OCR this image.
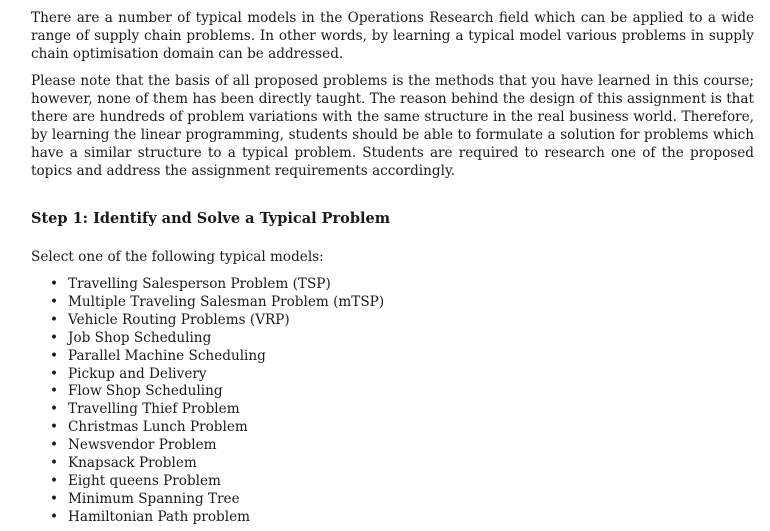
There are a number of typical models in the Operations Research field which can be applied to a wide range of supply chain problems. In other words, by learning a typical model various problems in supply chain optimisation domain can be addressed.

Please note that the basis of all proposed problems is the methods that you have learned in this course; however, none of them has been directly taught. The reason behind the design of this assignment is that there are hundreds of problem variations with the same structure in the real business world. Therefore, by learning the linear programming, students should be able to formulate a solution for problems which have a similar structure to a typical problem. Students are required to research one of the proposed topics and address the assignment requirements accordingly.

Step 1: Identify and Solve a Typical Problem

Select one of the following typical models:

• Travelling Salesperson Problem (TSP)
• Multiple Traveling Salesman Problem (mTSP)
• Vehicle Routing Problems (VRP)
• Job Shop Scheduling
• Parallel Machine Scheduling
• Pickup and Delivery
• Flow Shop Scheduling
• Travelling Thief Problem
• Christmas Lunch Problem
• Newsvendor Problem
• Knapsack Problem
• Eight queens Problem
• Minimum Spanning Tree
• Hamiltonian Path problem
